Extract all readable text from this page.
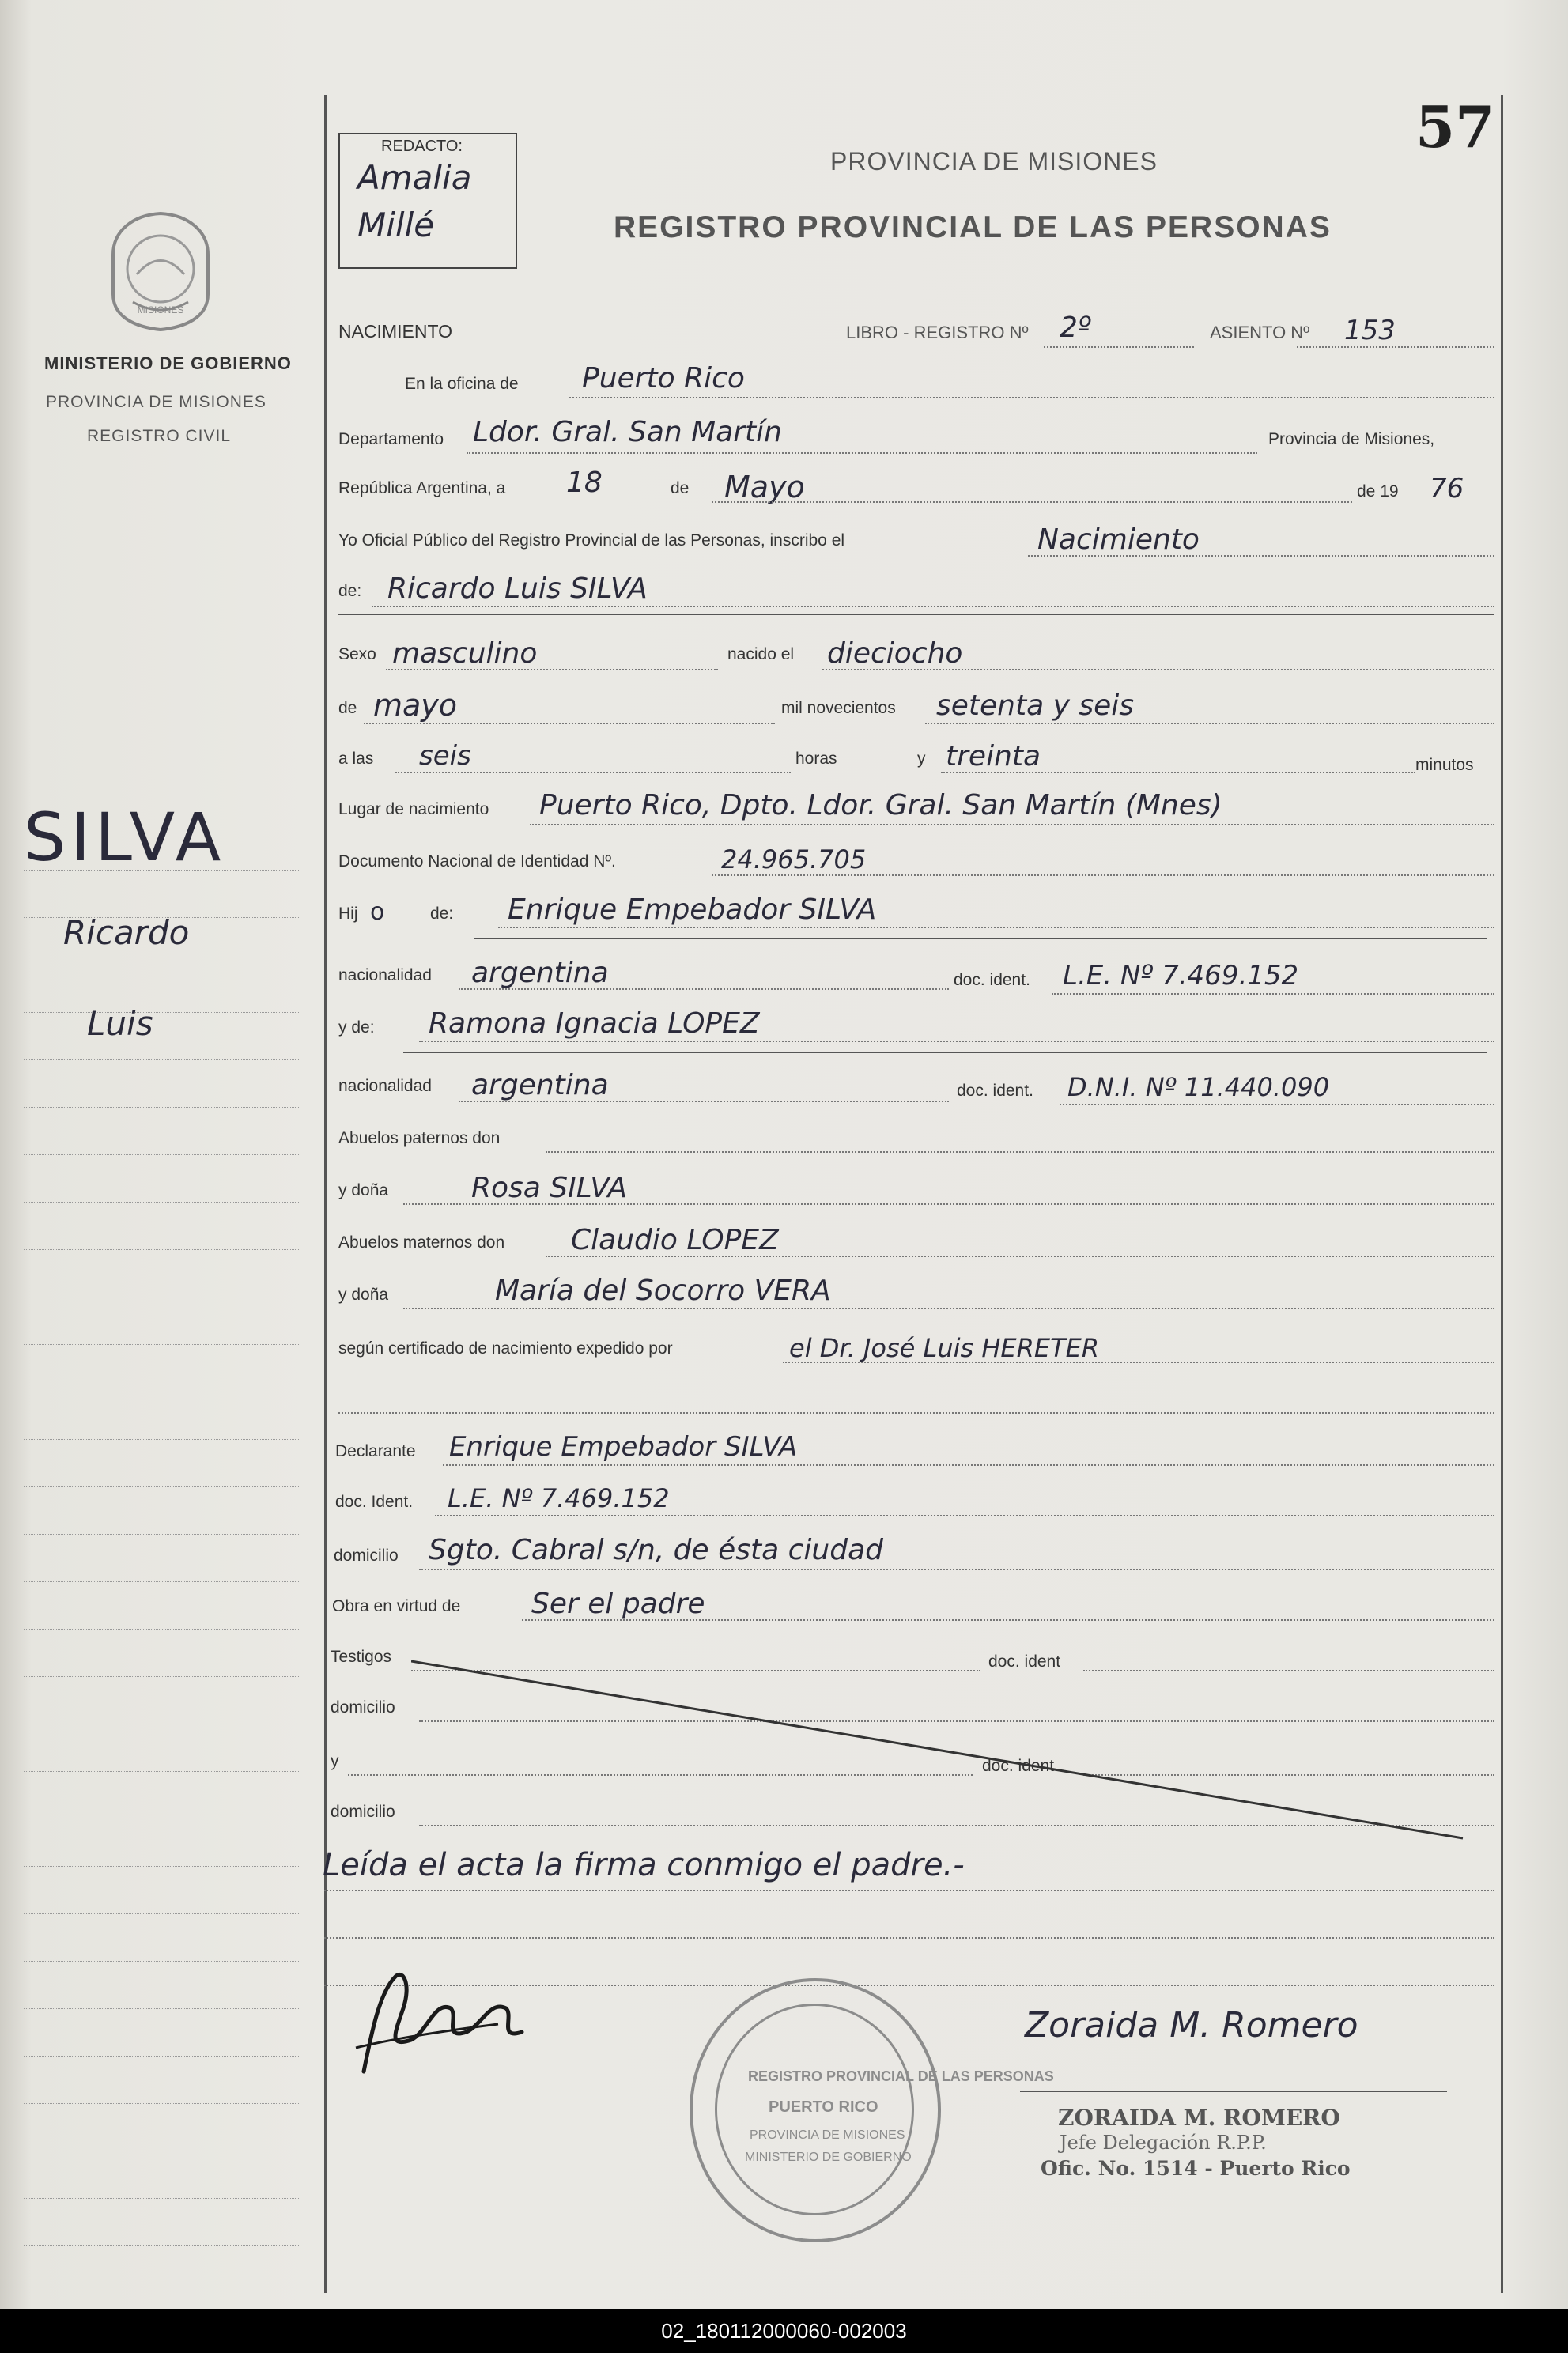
MISIONES
MINISTERIO DE GOBIERNO
PROVINCIA DE MISIONES
REGISTRO CIVIL
SILVA
Ricardo
Luis
57
REDACTO:
Amalia
Millé
PROVINCIA DE MISIONES
REGISTRO PROVINCIAL DE LAS PERSONAS
NACIMIENTO	LIBRO - REGISTRO Nº 2º	ASIENTO Nº 153
En la oficina de Puerto Rico
Departamento Ldor. Gral. San Martín	Provincia de Misiones,
República Argentina, a 18	de Mayo	de 19 76
Yo Oficial Público del Registro Provincial de las Personas, inscribo el	Nacimiento
de: Ricardo Luis SILVA
Sexo masculino	nacido el dieciocho
de mayo	mil novecientos setenta y seis
a las seis	horas	y treinta	minutos
Lugar de nacimiento Puerto Rico, Dpto. Ldor. Gral. San Martín (Mnes)
Documento Nacional de Identidad Nº.	24.965.705
Hij o	de: Enrique Empebador SILVA
nacionalidad argentina	doc. ident. L.E. Nº 7.469.152
y de: Ramona Ignacia LOPEZ
nacionalidad argentina	doc. ident. D.N.I. Nº 11.440.090
Abuelos paternos don
y doña	Rosa SILVA
Abuelos maternos don Claudio LOPEZ
y doña	María del Socorro VERA
según certificado de nacimiento expedido por	el Dr. José Luis HERETER
Declarante Enrique Empebador SILVA
doc. Ident. L.E. Nº 7.469.152
domicilio Sgto. Cabral s/n, de ésta ciudad
Obra en virtud de Ser el padre
Testigos	doc. ident
domicilio
y	doc. ident.
domicilio
Leída el acta la firma conmigo el padre.-
REGISTRO PROVINCIAL DE LAS PERSONAS
PUERTO RICO
PROVINCIA DE MISIONES
MINISTERIO DE GOBIERNO
Zoraida M. Romero
ZORAIDA M. ROMERO
Jefe Delegación R.P.P.
Ofic. No. 1514 - Puerto Rico
02_180112000060-002003
